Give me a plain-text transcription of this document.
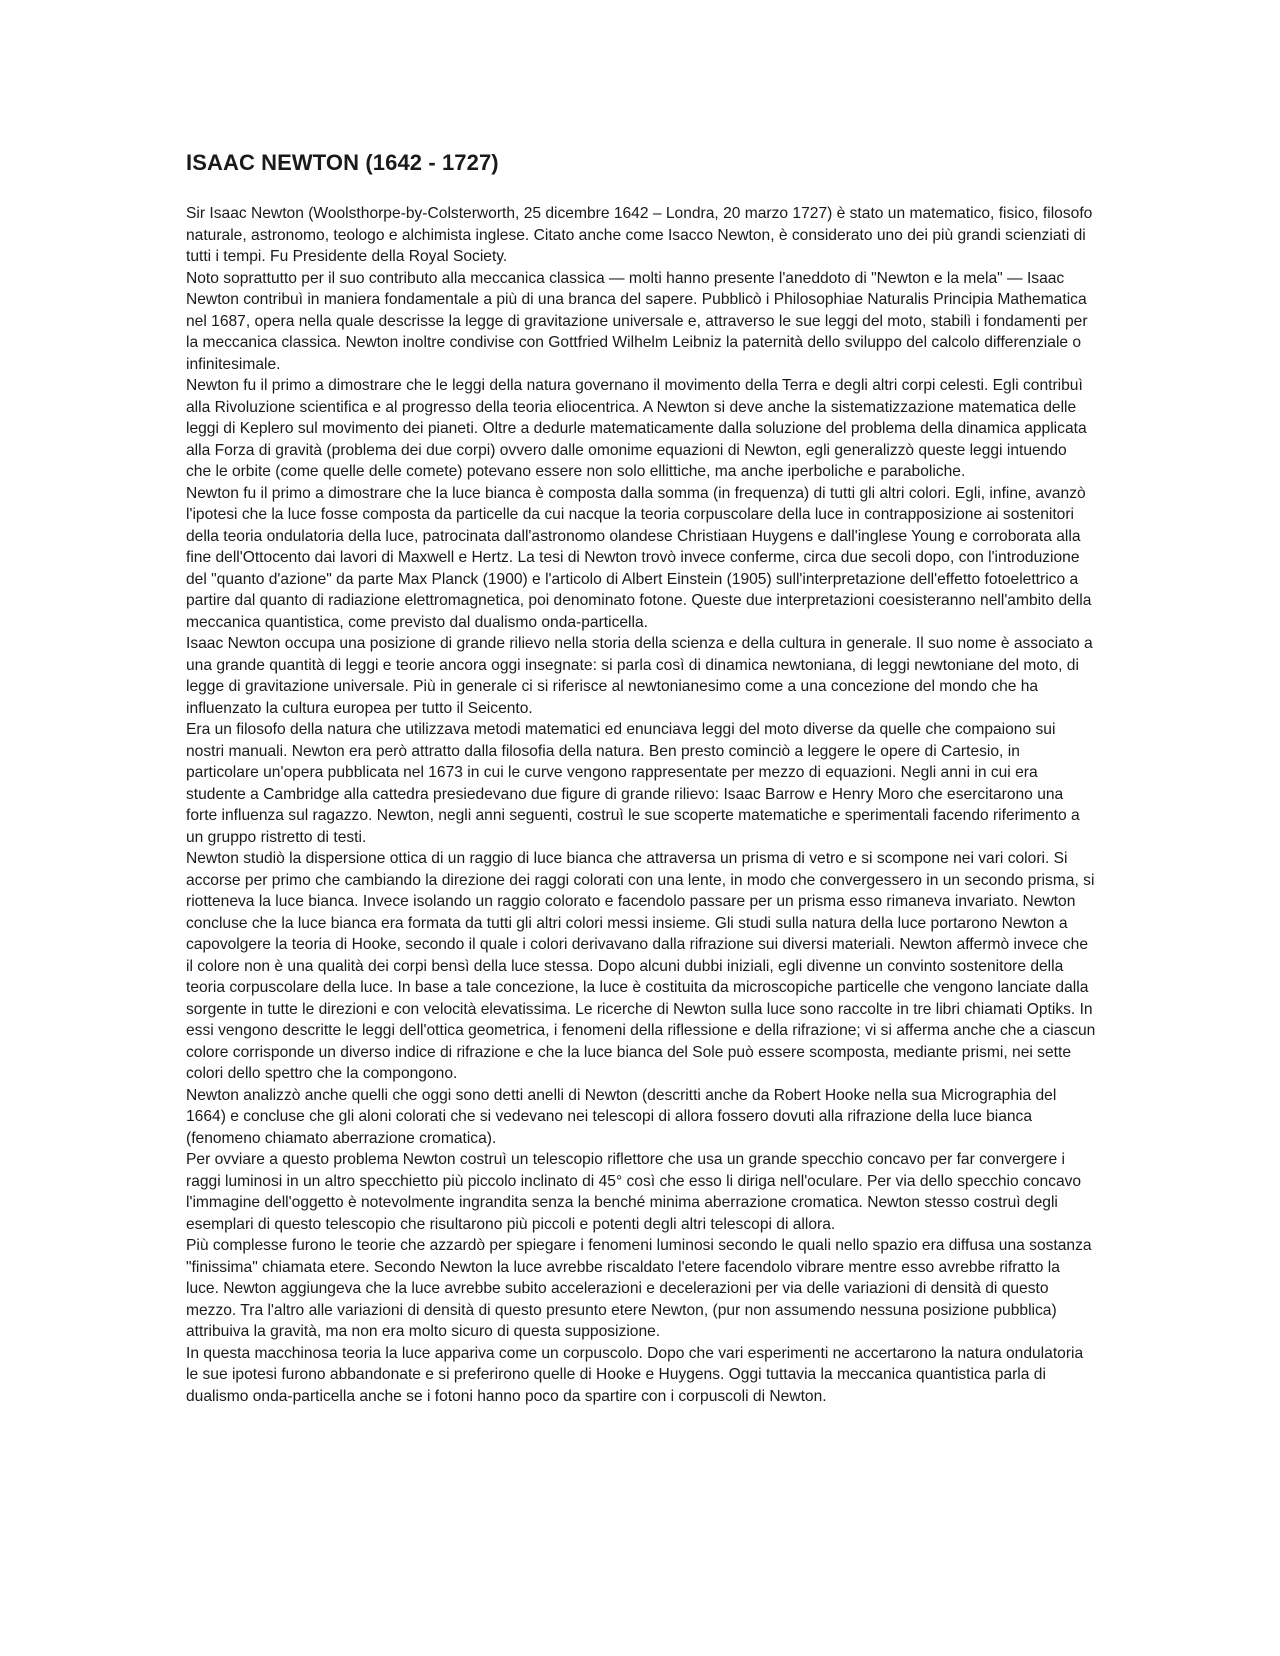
ISAAC NEWTON (1642 - 1727)

Sir Isaac Newton (Woolsthorpe-by-Colsterworth, 25 dicembre 1642 – Londra, 20 marzo 1727) è stato un matematico, fisico, filosofo naturale, astronomo, teologo e alchimista inglese. Citato anche come Isacco Newton, è considerato uno dei più grandi scienziati di tutti i tempi. Fu Presidente della Royal Society.

Noto soprattutto per il suo contributo alla meccanica classica — molti hanno presente l'aneddoto di "Newton e la mela" — Isaac Newton contribuì in maniera fondamentale a più di una branca del sapere. Pubblicò i Philosophiae Naturalis Principia Mathematica nel 1687, opera nella quale descrisse la legge di gravitazione universale e, attraverso le sue leggi del moto, stabilì i fondamenti per la meccanica classica. Newton inoltre condivise con Gottfried Wilhelm Leibniz la paternità dello sviluppo del calcolo differenziale o infinitesimale.

Newton fu il primo a dimostrare che le leggi della natura governano il movimento della Terra e degli altri corpi celesti. Egli contribuì alla Rivoluzione scientifica e al progresso della teoria eliocentrica. A Newton si deve anche la sistematizzazione matematica delle leggi di Keplero sul movimento dei pianeti. Oltre a dedurle matematicamente dalla soluzione del problema della dinamica applicata alla Forza di gravità (problema dei due corpi) ovvero dalle omonime equazioni di Newton, egli generalizzò queste leggi intuendo che le orbite (come quelle delle comete) potevano essere non solo ellittiche, ma anche iperboliche e paraboliche.

Newton fu il primo a dimostrare che la luce bianca è composta dalla somma (in frequenza) di tutti gli altri colori. Egli, infine, avanzò l'ipotesi che la luce fosse composta da particelle da cui nacque la teoria corpuscolare della luce in contrapposizione ai sostenitori della teoria ondulatoria della luce, patrocinata dall'astronomo olandese Christiaan Huygens e dall'inglese Young e corroborata alla fine dell'Ottocento dai lavori di Maxwell e Hertz. La tesi di Newton trovò invece conferme, circa due secoli dopo, con l'introduzione del "quanto d'azione" da parte Max Planck (1900) e l'articolo di Albert Einstein (1905) sull'interpretazione dell'effetto fotoelettrico a partire dal quanto di radiazione elettromagnetica, poi denominato fotone. Queste due interpretazioni coesisteranno nell'ambito della meccanica quantistica, come previsto dal dualismo onda-particella.

Isaac Newton occupa una posizione di grande rilievo nella storia della scienza e della cultura in generale. Il suo nome è associato a una grande quantità di leggi e teorie ancora oggi insegnate: si parla così di dinamica newtoniana, di leggi newtoniane del moto, di legge di gravitazione universale. Più in generale ci si riferisce al newtonianesimo come a una concezione del mondo che ha influenzato la cultura europea per tutto il Seicento.

Era un filosofo della natura che utilizzava metodi matematici ed enunciava leggi del moto diverse da quelle che compaiono sui nostri manuali. Newton era però attratto dalla filosofia della natura. Ben presto cominciò a leggere le opere di Cartesio, in particolare un'opera pubblicata nel 1673 in cui le curve vengono rappresentate per mezzo di equazioni. Negli anni in cui era studente a Cambridge alla cattedra presiedevano due figure di grande rilievo: Isaac Barrow e Henry Moro che esercitarono una forte influenza sul ragazzo. Newton, negli anni seguenti, costruì le sue scoperte matematiche e sperimentali facendo riferimento a un gruppo ristretto di testi.

Newton studiò la dispersione ottica di un raggio di luce bianca che attraversa un prisma di vetro e si scompone nei vari colori. Si accorse per primo che cambiando la direzione dei raggi colorati con una lente, in modo che convergessero in un secondo prisma, si riotteneva la luce bianca. Invece isolando un raggio colorato e facendolo passare per un prisma esso rimaneva invariato. Newton concluse che la luce bianca era formata da tutti gli altri colori messi insieme. Gli studi sulla natura della luce portarono Newton a capovolgere la teoria di Hooke, secondo il quale i colori derivavano dalla rifrazione sui diversi materiali. Newton affermò invece che il colore non è una qualità dei corpi bensì della luce stessa. Dopo alcuni dubbi iniziali, egli divenne un convinto sostenitore della teoria corpuscolare della luce. In base a tale concezione, la luce è costituita da microscopiche particelle che vengono lanciate dalla sorgente in tutte le direzioni e con velocità elevatissima. Le ricerche di Newton sulla luce sono raccolte in tre libri chiamati Optiks. In essi vengono descritte le leggi dell'ottica geometrica, i fenomeni della riflessione e della rifrazione; vi si afferma anche che a ciascun colore corrisponde un diverso indice di rifrazione e che la luce bianca del Sole può essere scomposta, mediante prismi, nei sette colori dello spettro che la compongono.

Newton analizzò anche quelli che oggi sono detti anelli di Newton (descritti anche da Robert Hooke nella sua Micrographia del 1664) e concluse che gli aloni colorati che si vedevano nei telescopi di allora fossero dovuti alla rifrazione della luce bianca (fenomeno chiamato aberrazione cromatica).

Per ovviare a questo problema Newton costruì un telescopio riflettore che usa un grande specchio concavo per far convergere i raggi luminosi in un altro specchietto più piccolo inclinato di 45° così che esso li diriga nell'oculare. Per via dello specchio concavo l'immagine dell'oggetto è notevolmente ingrandita senza la benché minima aberrazione cromatica. Newton stesso costruì degli esemplari di questo telescopio che risultarono più piccoli e potenti degli altri telescopi di allora.

Più complesse furono le teorie che azzardò per spiegare i fenomeni luminosi secondo le quali nello spazio era diffusa una sostanza "finissima" chiamata etere. Secondo Newton la luce avrebbe riscaldato l'etere facendolo vibrare mentre esso avrebbe rifratto la luce. Newton aggiungeva che la luce avrebbe subito accelerazioni e decelerazioni per via delle variazioni di densità di questo mezzo. Tra l'altro alle variazioni di densità di questo presunto etere Newton, (pur non assumendo nessuna posizione pubblica) attribuiva la gravità, ma non era molto sicuro di questa supposizione.

In questa macchinosa teoria la luce appariva come un corpuscolo. Dopo che vari esperimenti ne accertarono la natura ondulatoria le sue ipotesi furono abbandonate e si preferirono quelle di Hooke e Huygens. Oggi tuttavia la meccanica quantistica parla di dualismo onda-particella anche se i fotoni hanno poco da spartire con i corpuscoli di Newton.
